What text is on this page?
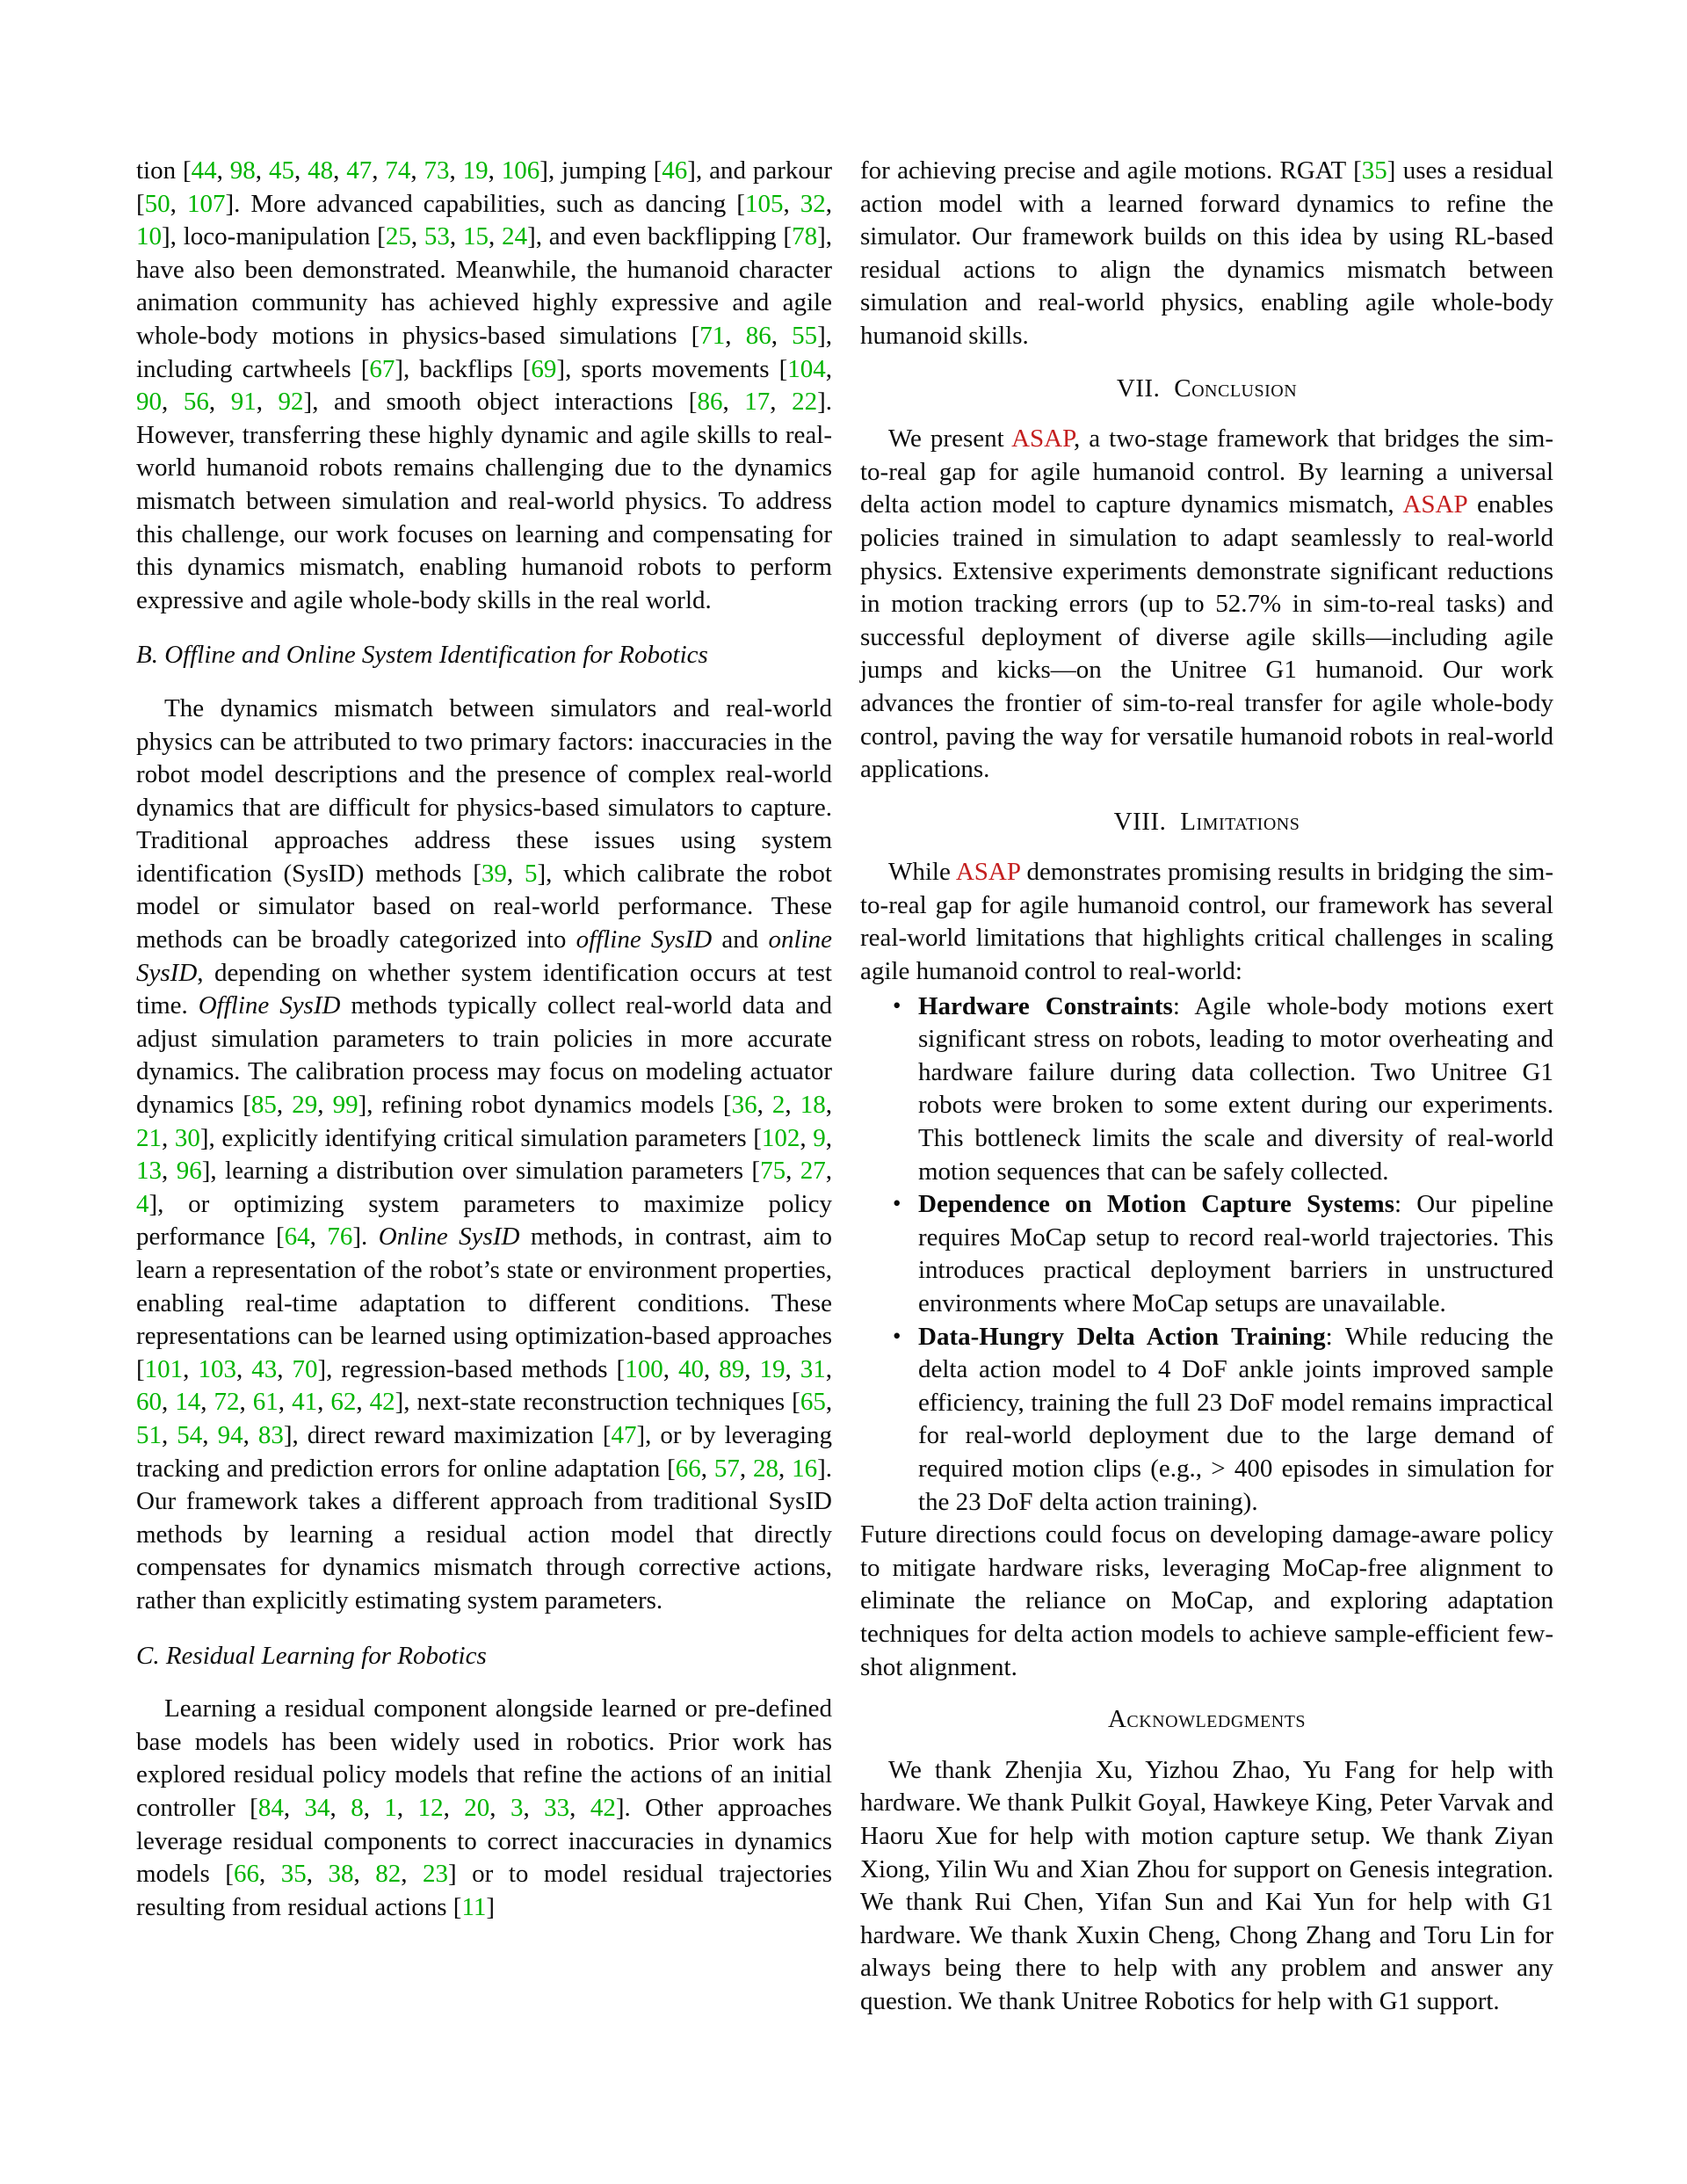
tion [44, 98, 45, 48, 47, 74, 73, 19, 106], jumping [46], and parkour [50, 107]. More advanced capabilities, such as dancing [105, 32, 10], loco-manipulation [25, 53, 15, 24], and even backflipping [78], have also been demonstrated. Meanwhile, the humanoid character animation community has achieved highly expressive and agile whole-body motions in physics-based simulations [71, 86, 55], including cartwheels [67], backflips [69], sports movements [104, 90, 56, 91, 92], and smooth object interactions [86, 17, 22]. However, transferring these highly dynamic and agile skills to real-world humanoid robots remains challenging due to the dynamics mismatch between simulation and real-world physics. To address this challenge, our work focuses on learning and compensating for this dynamics mismatch, enabling humanoid robots to perform expressive and agile whole-body skills in the real world.

B. Offline and Online System Identification for Robotics

The dynamics mismatch between simulators and real-world physics can be attributed to two primary factors: inaccuracies in the robot model descriptions and the presence of complex real-world dynamics that are difficult for physics-based simulators to capture. Traditional approaches address these issues using system identification (SysID) methods [39, 5], which calibrate the robot model or simulator based on real-world performance. These methods can be broadly categorized into offline SysID and online SysID, depending on whether system identification occurs at test time. Offline SysID methods typically collect real-world data and adjust simulation parameters to train policies in more accurate dynamics. The calibration process may focus on modeling actuator dynamics [85, 29, 99], refining robot dynamics models [36, 2, 18, 21, 30], explicitly identifying critical simulation parameters [102, 9, 13, 96], learning a distribution over simulation parameters [75, 27, 4], or optimizing system parameters to maximize policy performance [64, 76]. Online SysID methods, in contrast, aim to learn a representation of the robot’s state or environment properties, enabling real-time adaptation to different conditions. These representations can be learned using optimization-based approaches [101, 103, 43, 70], regression-based methods [100, 40, 89, 19, 31, 60, 14, 72, 61, 41, 62, 42], next-state reconstruction techniques [65, 51, 54, 94, 83], direct reward maximization [47], or by leveraging tracking and prediction errors for online adaptation [66, 57, 28, 16]. Our framework takes a different approach from traditional SysID methods by learning a residual action model that directly compensates for dynamics mismatch through corrective actions, rather than explicitly estimating system parameters.

C. Residual Learning for Robotics

Learning a residual component alongside learned or pre-defined base models has been widely used in robotics. Prior work has explored residual policy models that refine the actions of an initial controller [84, 34, 8, 1, 12, 20, 3, 33, 42]. Other approaches leverage residual components to correct inaccuracies in dynamics models [66, 35, 38, 82, 23] or to model residual trajectories resulting from residual actions [11]

for achieving precise and agile motions. RGAT [35] uses a residual action model with a learned forward dynamics to refine the simulator. Our framework builds on this idea by using RL-based residual actions to align the dynamics mismatch between simulation and real-world physics, enabling agile whole-body humanoid skills.

VII. Conclusion

We present ASAP, a two-stage framework that bridges the sim-to-real gap for agile humanoid control. By learning a universal delta action model to capture dynamics mismatch, ASAP enables policies trained in simulation to adapt seamlessly to real-world physics. Extensive experiments demonstrate significant reductions in motion tracking errors (up to 52.7% in sim-to-real tasks) and successful deployment of diverse agile skills—including agile jumps and kicks—on the Unitree G1 humanoid. Our work advances the frontier of sim-to-real transfer for agile whole-body control, paving the way for versatile humanoid robots in real-world applications.

VIII. Limitations

While ASAP demonstrates promising results in bridging the sim-to-real gap for agile humanoid control, our framework has several real-world limitations that highlights critical challenges in scaling agile humanoid control to real-world:

• Hardware Constraints: Agile whole-body motions exert significant stress on robots, leading to motor overheating and hardware failure during data collection. Two Unitree G1 robots were broken to some extent during our experiments. This bottleneck limits the scale and diversity of real-world motion sequences that can be safely collected.
• Dependence on Motion Capture Systems: Our pipeline requires MoCap setup to record real-world trajectories. This introduces practical deployment barriers in unstructured environments where MoCap setups are unavailable.
• Data-Hungry Delta Action Training: While reducing the delta action model to 4 DoF ankle joints improved sample efficiency, training the full 23 DoF model remains impractical for real-world deployment due to the large demand of required motion clips (e.g., > 400 episodes in simulation for the 23 DoF delta action training).

Future directions could focus on developing damage-aware policy to mitigate hardware risks, leveraging MoCap-free alignment to eliminate the reliance on MoCap, and exploring adaptation techniques for delta action models to achieve sample-efficient few-shot alignment.

Acknowledgments

We thank Zhenjia Xu, Yizhou Zhao, Yu Fang for help with hardware. We thank Pulkit Goyal, Hawkeye King, Peter Varvak and Haoru Xue for help with motion capture setup. We thank Ziyan Xiong, Yilin Wu and Xian Zhou for support on Genesis integration. We thank Rui Chen, Yifan Sun and Kai Yun for help with G1 hardware. We thank Xuxin Cheng, Chong Zhang and Toru Lin for always being there to help with any problem and answer any question. We thank Unitree Robotics for help with G1 support.
